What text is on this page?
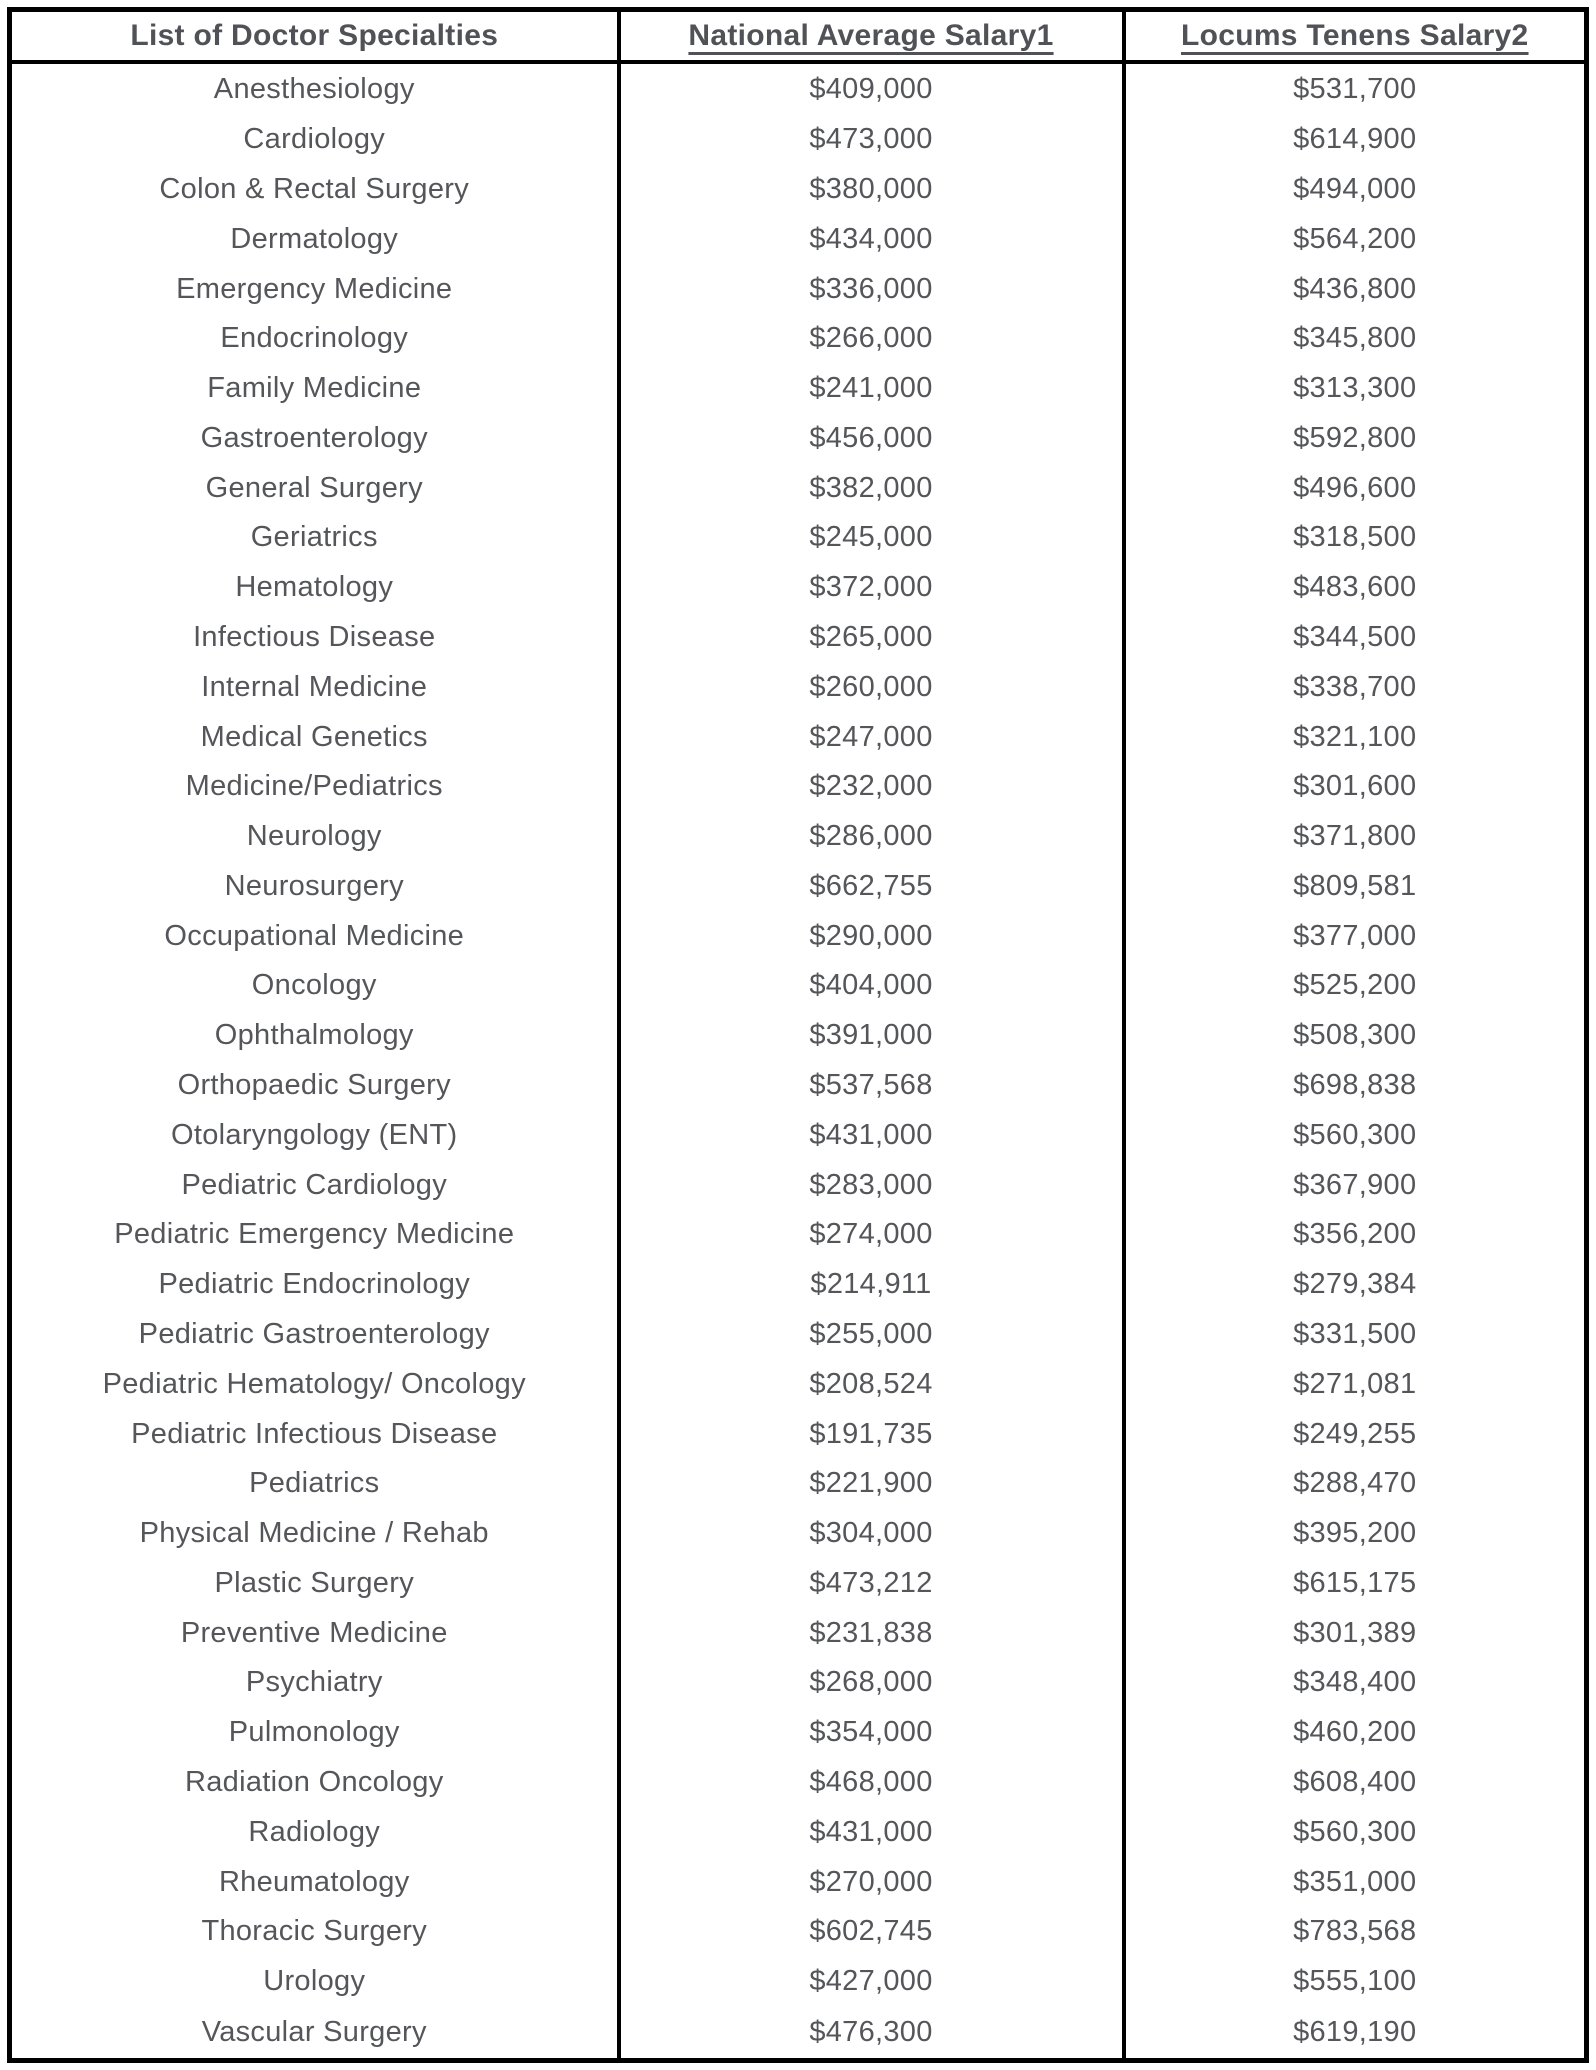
List of Doctor Specialties	National Average Salary1	Locums Tenens Salary2
Anesthesiology	$409,000	$531,700
Cardiology	$473,000	$614,900
Colon & Rectal Surgery	$380,000	$494,000
Dermatology	$434,000	$564,200
Emergency Medicine	$336,000	$436,800
Endocrinology	$266,000	$345,800
Family Medicine	$241,000	$313,300
Gastroenterology	$456,000	$592,800
General Surgery	$382,000	$496,600
Geriatrics	$245,000	$318,500
Hematology	$372,000	$483,600
Infectious Disease	$265,000	$344,500
Internal Medicine	$260,000	$338,700
Medical Genetics	$247,000	$321,100
Medicine/Pediatrics	$232,000	$301,600
Neurology	$286,000	$371,800
Neurosurgery	$662,755	$809,581
Occupational Medicine	$290,000	$377,000
Oncology	$404,000	$525,200
Ophthalmology	$391,000	$508,300
Orthopaedic Surgery	$537,568	$698,838
Otolaryngology (ENT)	$431,000	$560,300
Pediatric Cardiology	$283,000	$367,900
Pediatric Emergency Medicine	$274,000	$356,200
Pediatric Endocrinology	$214,911	$279,384
Pediatric Gastroenterology	$255,000	$331,500
Pediatric Hematology/ Oncology	$208,524	$271,081
Pediatric Infectious Disease	$191,735	$249,255
Pediatrics	$221,900	$288,470
Physical Medicine / Rehab	$304,000	$395,200
Plastic Surgery	$473,212	$615,175
Preventive Medicine	$231,838	$301,389
Psychiatry	$268,000	$348,400
Pulmonology	$354,000	$460,200
Radiation Oncology	$468,000	$608,400
Radiology	$431,000	$560,300
Rheumatology	$270,000	$351,000
Thoracic Surgery	$602,745	$783,568
Urology	$427,000	$555,100
Vascular Surgery	$476,300	$619,190
